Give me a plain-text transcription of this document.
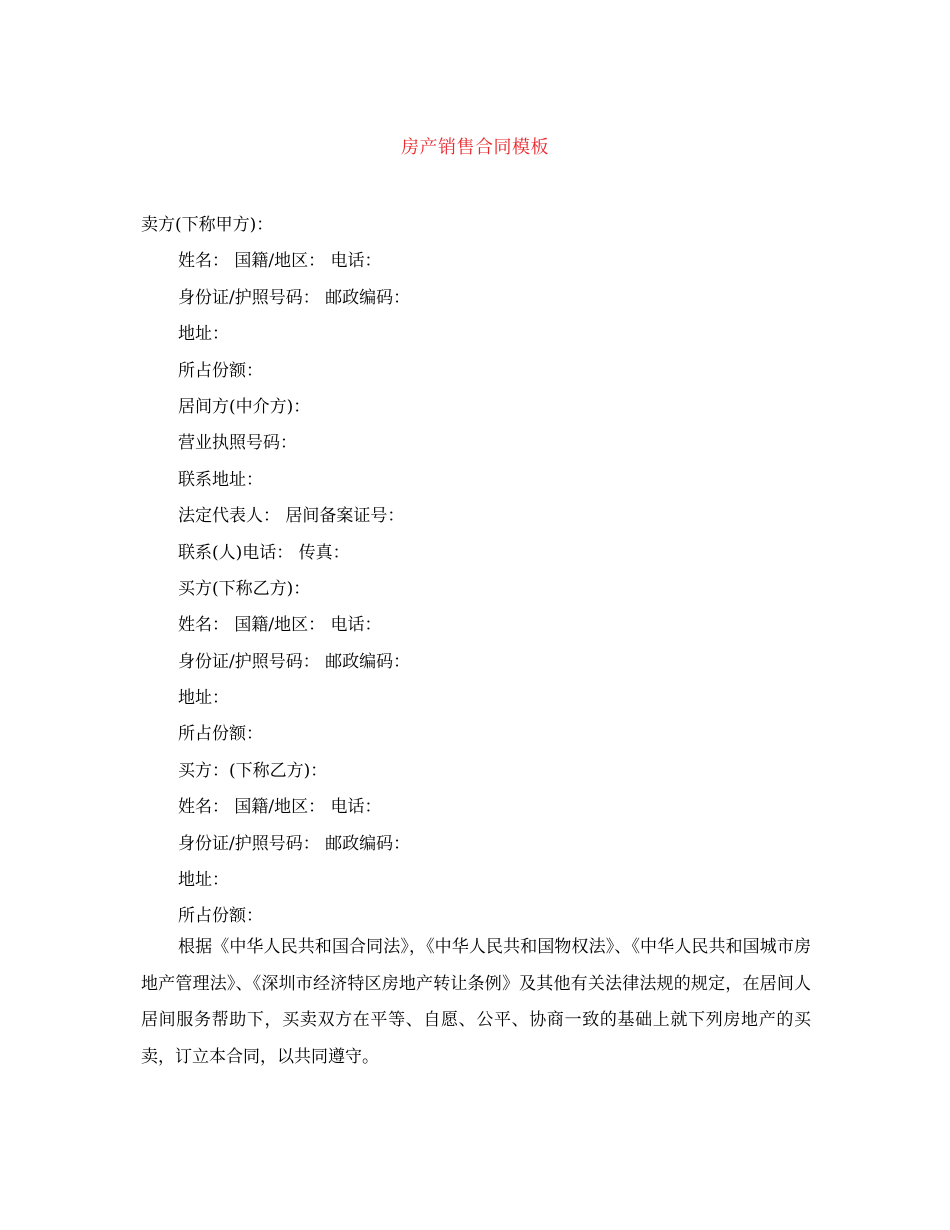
房产销售合同模板
卖方(下称甲方)：
姓名： 国籍/地区： 电话：
身份证/护照号码： 邮政编码：
地址：
所占份额：
居间方(中介方)：
营业执照号码：
联系地址：
法定代表人： 居间备案证号：
联系(人)电话： 传真：
买方(下称乙方)：
姓名： 国籍/地区： 电话：
身份证/护照号码： 邮政编码：
地址：
所占份额：
买方：(下称乙方)：
姓名： 国籍/地区： 电话：
身份证/护照号码： 邮政编码：
地址：
所占份额：
根据《中华人民共和国合同法》，《中华人民共和国物权法》、《中华人民共和国城市房地产管理法》、《深圳市经济特区房地产转让条例》及其他有关法律法规的规定，在居间人居间服务帮助下，买卖双方在平等、自愿、公平、协商一致的基础上就下列房地产的买卖，订立本合同，以共同遵守。
